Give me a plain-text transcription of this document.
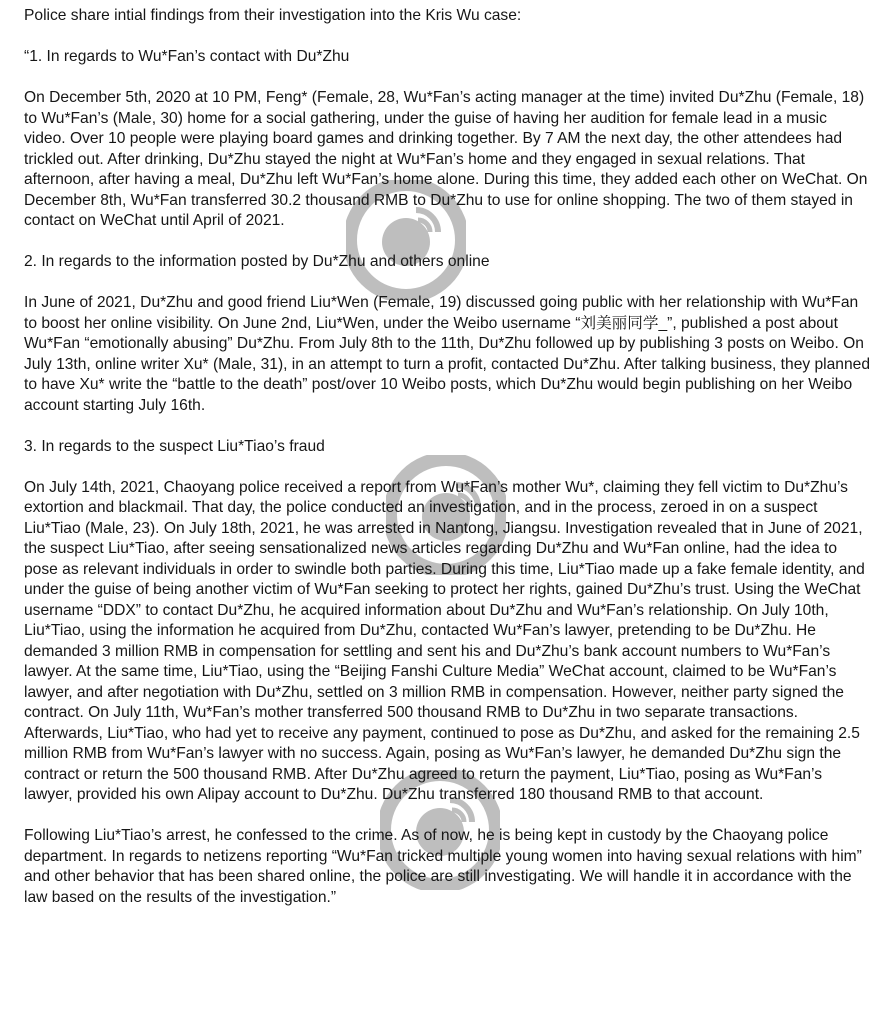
Police share intial findings from their investigation into the Kris Wu case:

“1. In regards to Wu*Fan’s contact with Du*Zhu

On December 5th, 2020 at 10 PM, Feng* (Female, 28, Wu*Fan’s acting manager at the time) invited Du*Zhu (Female, 18) to Wu*Fan’s (Male, 30) home for a social gathering, under the guise of having her audition for female lead in a music video. Over 10 people were playing board games and drinking together. By 7 AM the next day, the other attendees had trickled out. After drinking, Du*Zhu stayed the night at Wu*Fan’s home and they engaged in sexual relations. That afternoon, after having a meal, Du*Zhu left Wu*Fan’s home alone. During this time, they added each other on WeChat. On December 8th, Wu*Fan transferred 30.2 thousand RMB to Du*Zhu to use for online shopping. The two of them stayed in contact on WeChat until April of 2021.

2. In regards to the information posted by Du*Zhu and others online

In June of 2021, Du*Zhu and good friend Liu*Wen (Female, 19) discussed going public with her relationship with Wu*Fan to boost her online visibility. On June 2nd, Liu*Wen, under the Weibo username “刘美丽同学_”, published a post about Wu*Fan “emotionally abusing” Du*Zhu. From July 8th to the 11th, Du*Zhu followed up by publishing 3 posts on Weibo. On July 13th, online writer Xu* (Male, 31), in an attempt to turn a profit, contacted Du*Zhu. After talking business, they planned to have Xu* write the “battle to the death” post/over 10 Weibo posts, which Du*Zhu would begin publishing on her Weibo account starting July 16th.

3. In regards to the suspect Liu*Tiao’s fraud

On July 14th, 2021, Chaoyang police received a report from Wu*Fan’s mother Wu*, claiming they fell victim to Du*Zhu’s extortion and blackmail. That day, the police conducted an investigation, and in the process, zeroed in on a suspect Liu*Tiao (Male, 23). On July 18th, 2021, he was arrested in Nantong, Jiangsu. Investigation revealed that in June of 2021, the suspect Liu*Tiao, after seeing sensationalized news articles regarding Du*Zhu and Wu*Fan online, had the idea to pose as relevant individuals in order to swindle both parties. During this time, Liu*Tiao made up a fake female identity, and under the guise of being another victim of Wu*Fan seeking to protect her rights, gained Du*Zhu’s trust. Using the WeChat username “DDX” to contact Du*Zhu, he acquired information about Du*Zhu and Wu*Fan’s relationship. On July 10th, Liu*Tiao, using the information he acquired from Du*Zhu, contacted Wu*Fan’s lawyer, pretending to be Du*Zhu. He demanded 3 million RMB in compensation for settling and sent his and Du*Zhu’s bank account numbers to Wu*Fan’s lawyer. At the same time, Liu*Tiao, using the “Beijing Fanshi Culture Media” WeChat account, claimed to be Wu*Fan’s lawyer, and after negotiation with Du*Zhu, settled on 3 million RMB in compensation. However, neither party signed the contract. On July 11th, Wu*Fan’s mother transferred 500 thousand RMB to Du*Zhu in two separate transactions. Afterwards, Liu*Tiao, who had yet to receive any payment, continued to pose as Du*Zhu, and asked for the remaining 2.5 million RMB from Wu*Fan’s lawyer with no success. Again, posing as Wu*Fan’s lawyer, he demanded Du*Zhu sign the contract or return the 500 thousand RMB. After Du*Zhu agreed to return the payment, Liu*Tiao, posing as Wu*Fan’s lawyer, provided his own Alipay account to Du*Zhu. Du*Zhu transferred 180 thousand RMB to that account.

Following Liu*Tiao’s arrest, he confessed to the crime. As of now, he is being kept in custody by the Chaoyang police department. In regards to netizens reporting “Wu*Fan tricked multiple young women into having sexual relations with him” and other behavior that has been shared online, the police are still investigating. We will handle it in accordance with the law based on the results of the investigation.”
